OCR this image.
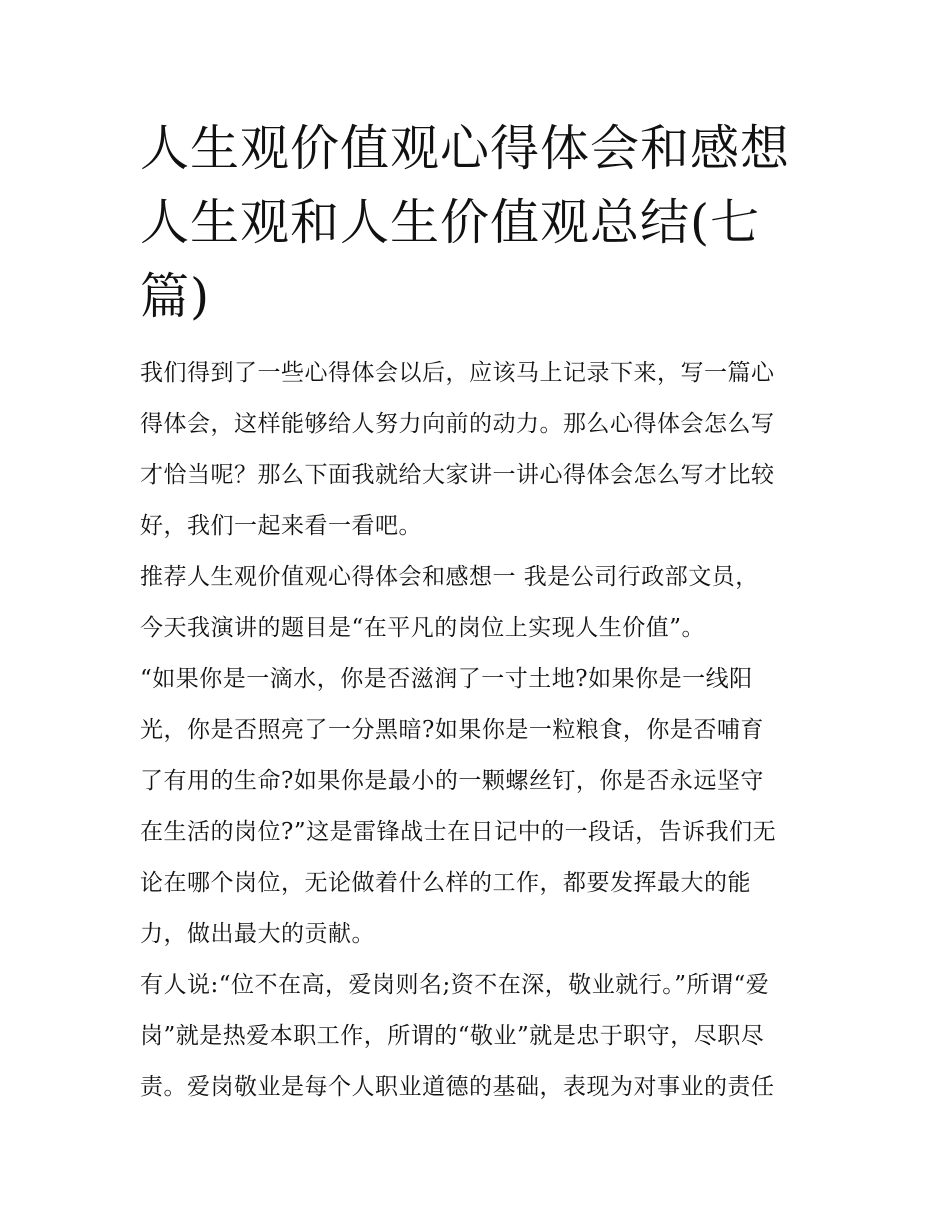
人生观价值观心得体会和感想
人生观和人生价值观总结(七
篇)

我们得到了一些心得体会以后，应该马上记录下来，写一篇心
得体会，这样能够给人努力向前的动力。那么心得体会怎么写
才恰当呢？那么下面我就给大家讲一讲心得体会怎么写才比较
好，我们一起来看一看吧。

推荐人生观价值观心得体会和感想一 我是公司行政部文员，
今天我演讲的题目是“在平凡的岗位上实现人生价值”。

“如果你是一滴水，你是否滋润了一寸土地?如果你是一线阳
光，你是否照亮了一分黑暗?如果你是一粒粮食，你是否哺育
了有用的生命?如果你是最小的一颗螺丝钉，你是否永远坚守
在生活的岗位?”这是雷锋战士在日记中的一段话，告诉我们无
论在哪个岗位，无论做着什么样的工作，都要发挥最大的能
力，做出最大的贡献。

有人说:“位不在高，爱岗则名;资不在深，敬业就行。”所谓“爱
岗”就是热爱本职工作，所谓的“敬业”就是忠于职守，尽职尽
责。爱岗敬业是每个人职业道德的基础，表现为对事业的责任
